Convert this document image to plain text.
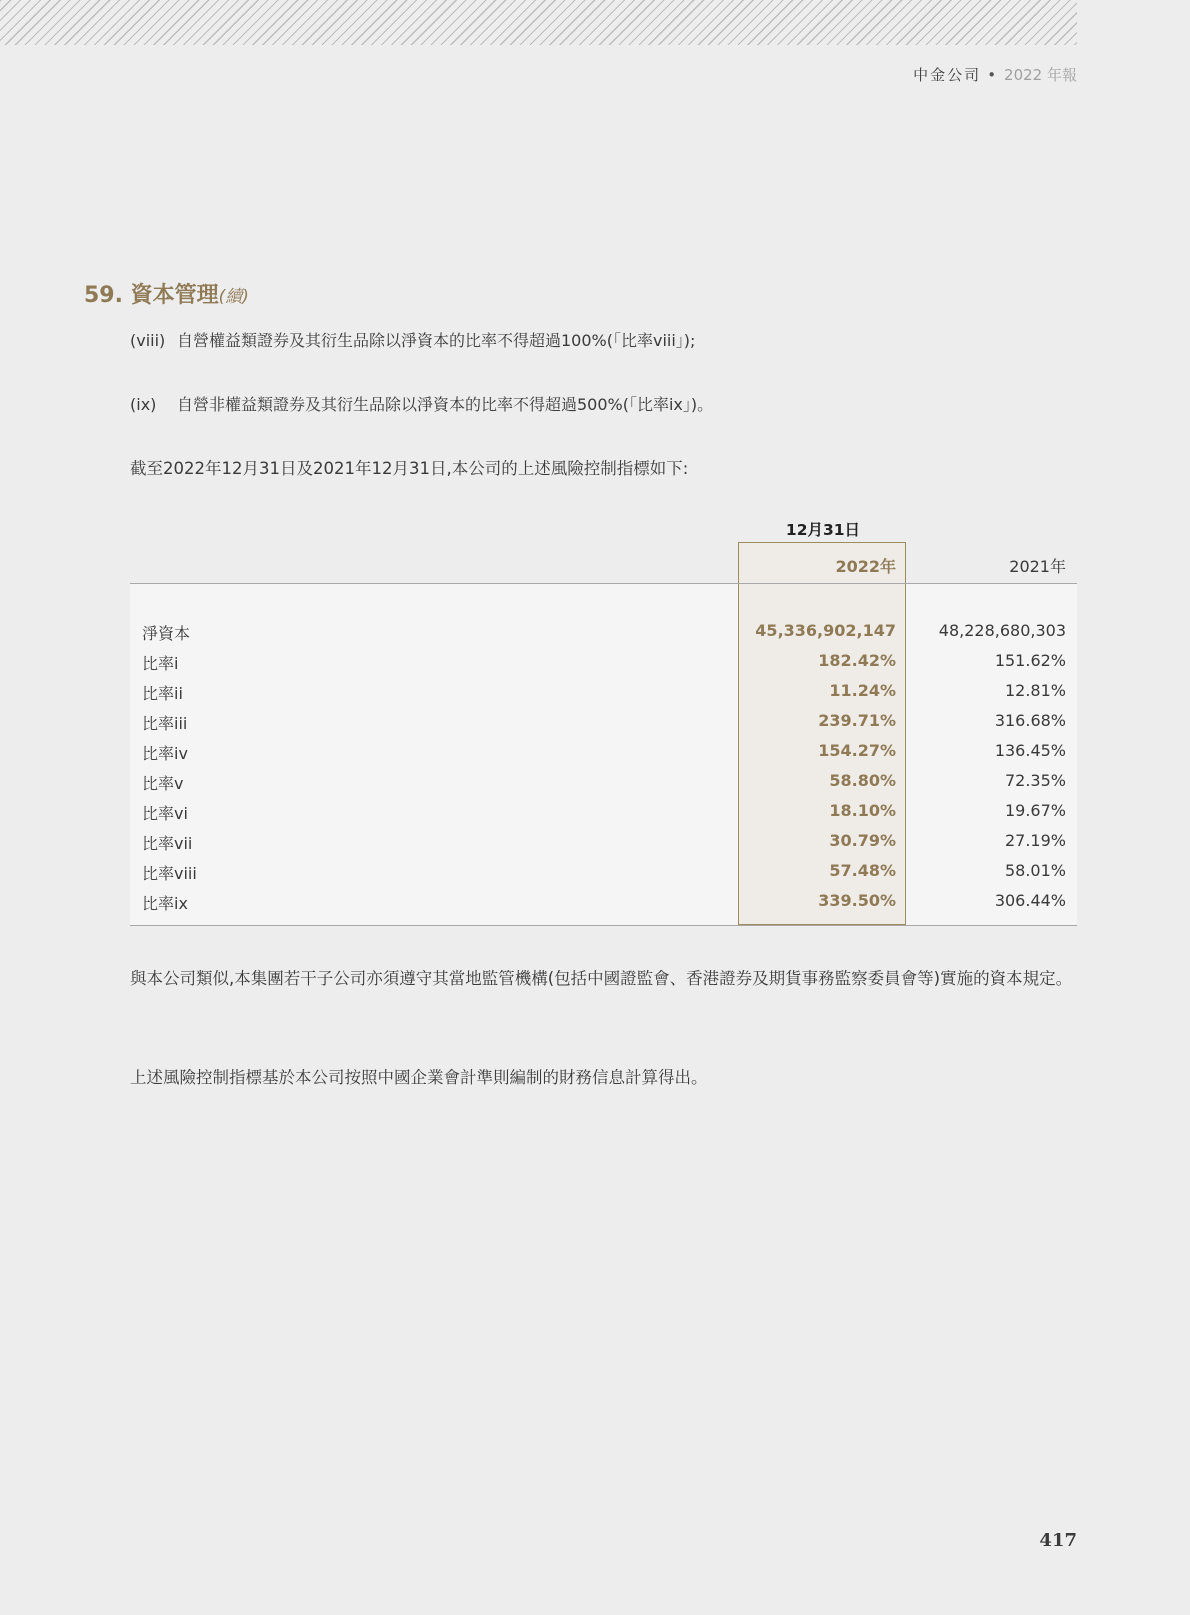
中金公司 • 2022 年報
59. 資本管理(續)
(viii) 自營權益類證券及其衍生品除以淨資本的比率不得超過100%(「比率viii」);
(ix) 自營非權益類證券及其衍生品除以淨資本的比率不得超過500%(「比率ix」)。
截至2022年12月31日及2021年12月31日,本公司的上述風險控制指標如下:
12月31日
2022年	2021年
淨資本	45,336,902,147	48,228,680,303
比率i	182.42%	151.62%
比率ii	11.24%	12.81%
比率iii	239.71%	316.68%
比率iv	154.27%	136.45%
比率v	58.80%	72.35%
比率vi	18.10%	19.67%
比率vii	30.79%	27.19%
比率viii	57.48%	58.01%
比率ix	339.50%	306.44%
與本公司類似,本集團若干子公司亦須遵守其當地監管機構(包括中國證監會、香港證券及期貨事務監察委員會等)實施的資本規定。
上述風險控制指標基於本公司按照中國企業會計準則編制的財務信息計算得出。
417
